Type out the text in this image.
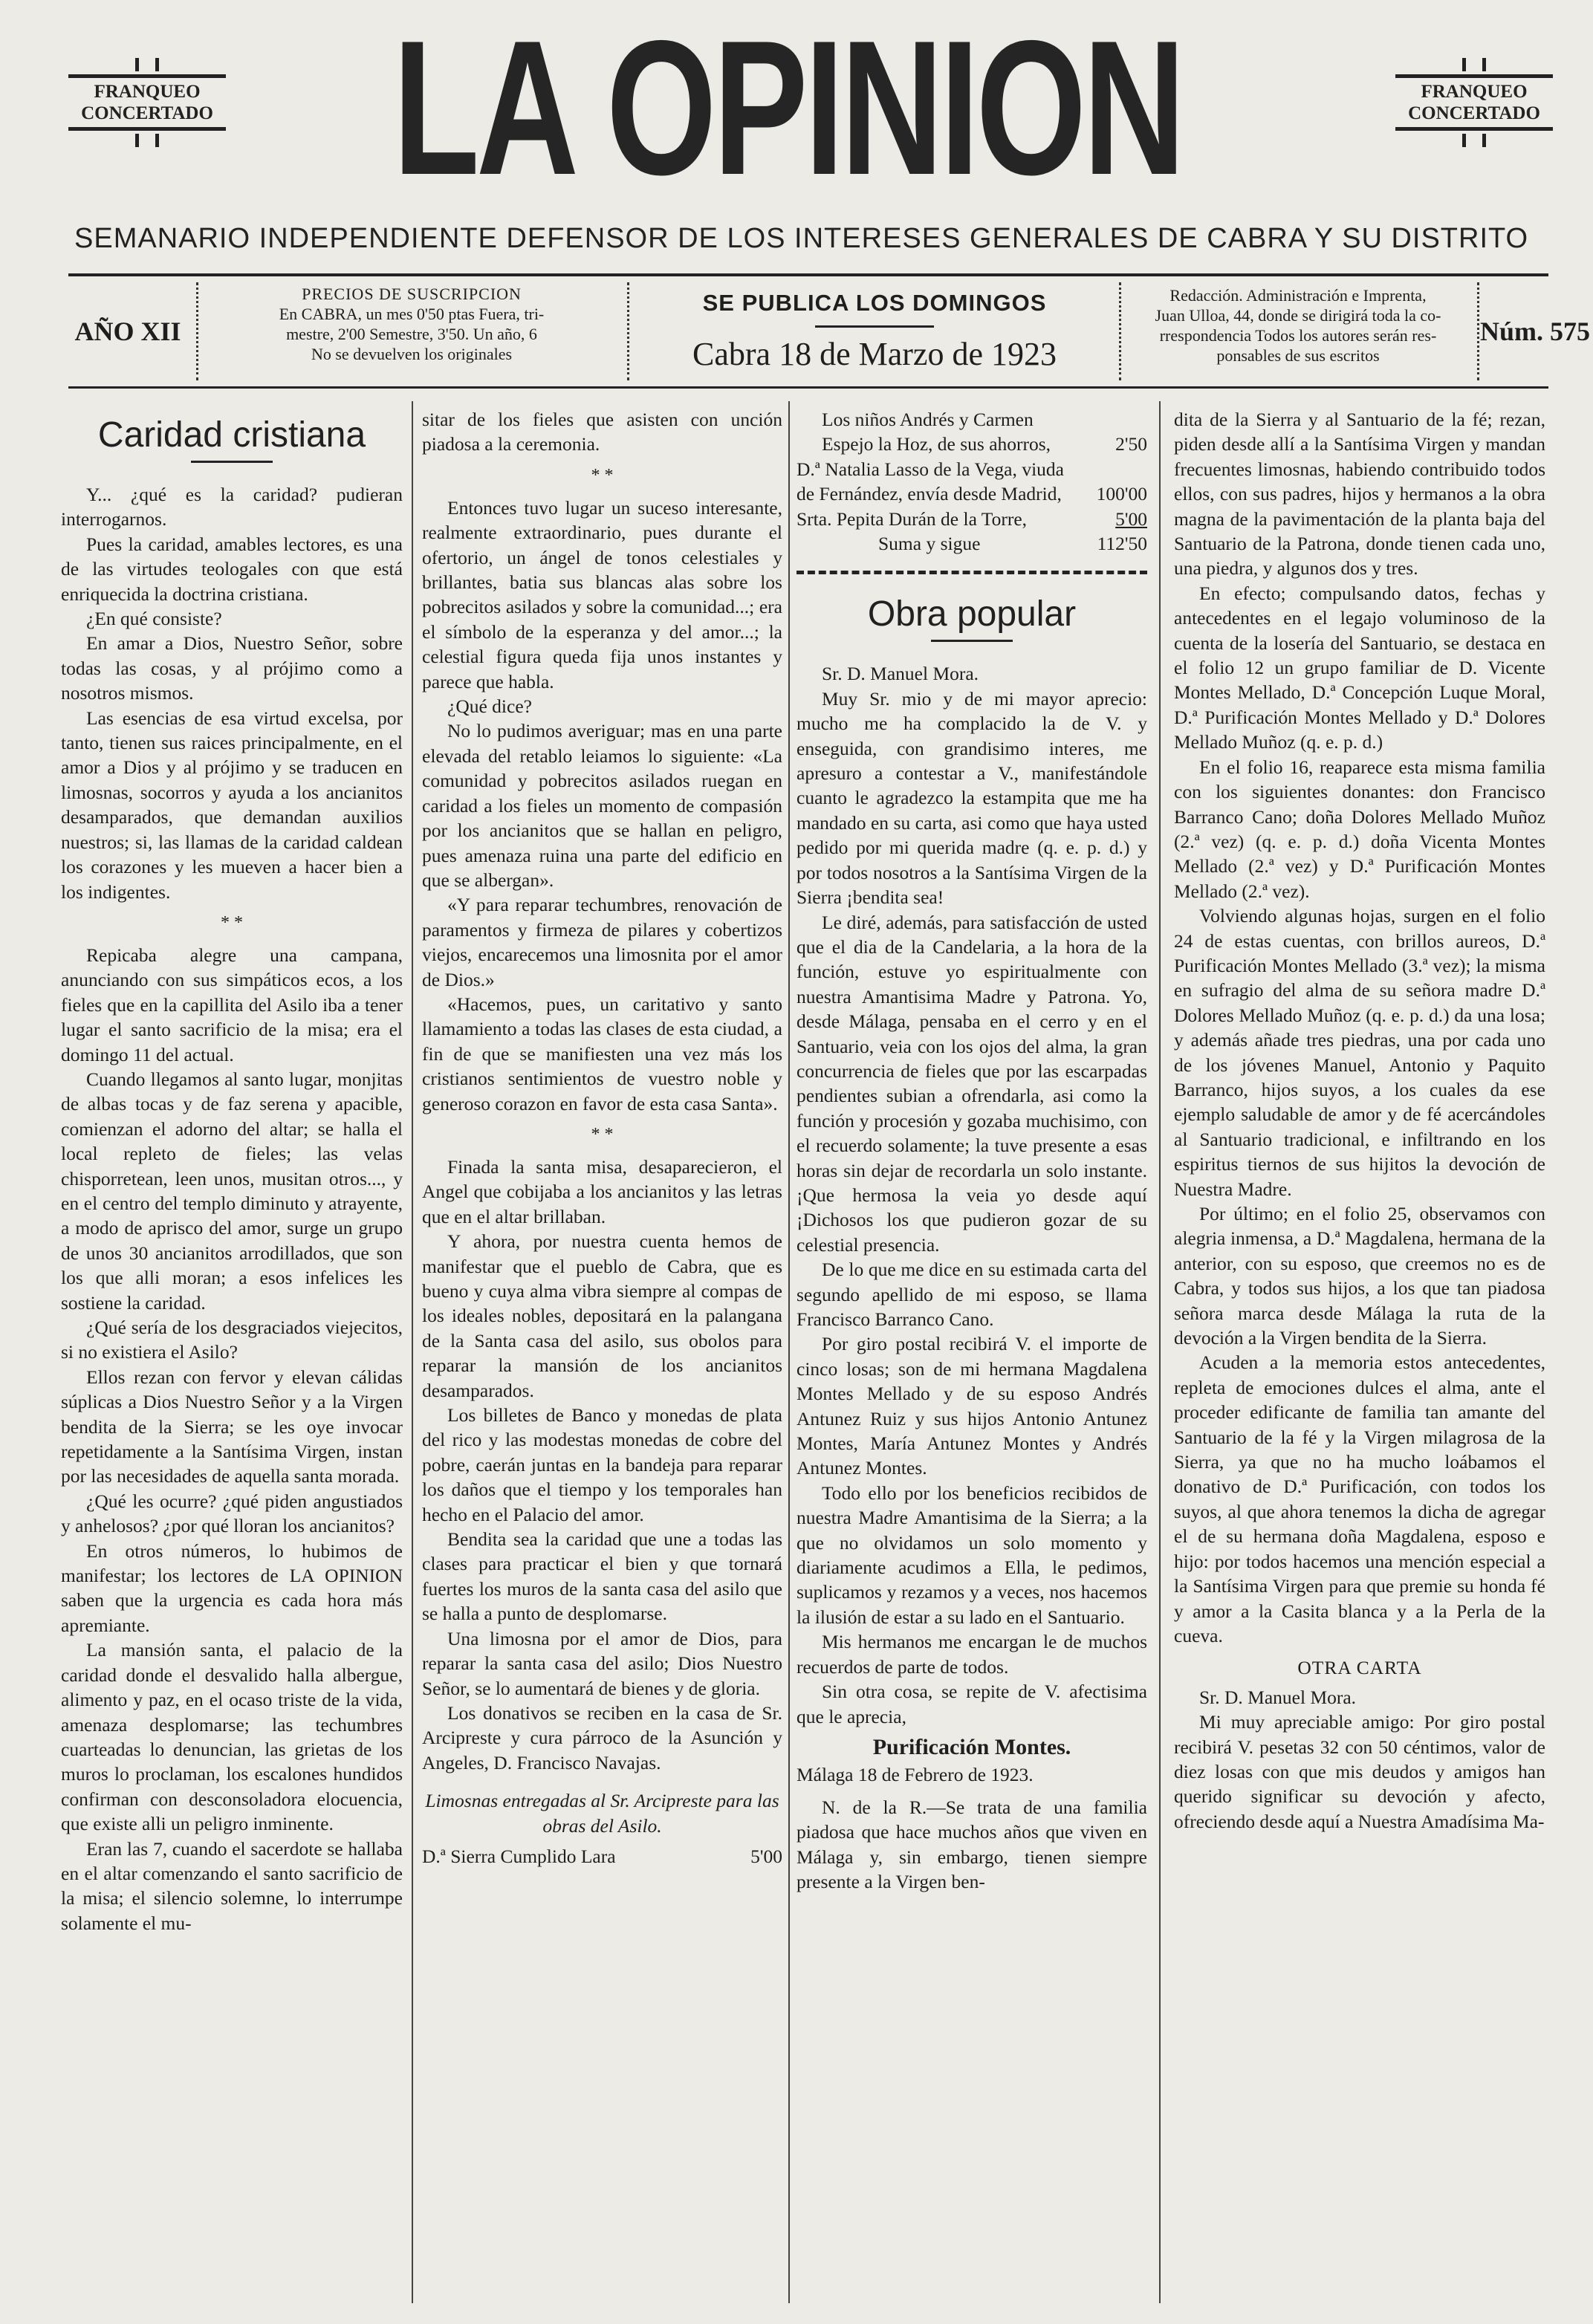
FRANQUEO
CONCERTADO LA OPINION	FRANQUEO
CONCERTADO
SEMANARIO INDEPENDIENTE DEFENSOR DE LOS INTERESES GENERALES DE CABRA Y SU DISTRITO
AÑO XII
PRECIOS DE SUSCRIPCION
En CABRA, un mes 0'50 ptas Fuera, tri-
mestre, 2'00 Semestre, 3'50. Un año, 6
No se devuelven los originales
SE PUBLICA LOS DOMINGOS
Cabra 18 de Marzo de 1923
Redacción. Administración e Imprenta,
Juan Ulloa, 44, donde se dirigirá toda la co-
rrespondencia Todos los autores serán res-
ponsables de sus escritos
Núm. 575
Caridad cristiana

Y... ¿qué es la caridad? pudieran interrogarnos.

Pues la caridad, amables lectores, es una de las virtudes teologales con que está enriquecida la doctrina cristiana.

¿En qué consiste?

En amar a Dios, Nuestro Señor, sobre todas las cosas, y al prójimo como a nosotros mismos.

Las esencias de esa virtud excelsa, por tanto, tienen sus raices principalmente, en el amor a Dios y al prójimo y se traducen en limosnas, socorros y ayuda a los ancianitos desamparados, que demandan auxilios nuestros; si, las llamas de la caridad caldean los corazones y les mueven a hacer bien a los indigentes.

* *

Repicaba alegre una campana, anunciando con sus simpáticos ecos, a los fieles que en la capillita del Asilo iba a tener lugar el santo sacrificio de la misa; era el domingo 11 del actual.

Cuando llegamos al santo lugar, monjitas de albas tocas y de faz serena y apacible, comienzan el adorno del altar; se halla el local repleto de fieles; las velas chisporretean, leen unos, musitan otros..., y en el centro del templo diminuto y atrayente, a modo de aprisco del amor, surge un grupo de unos 30 ancianitos arrodillados, que son los que alli moran; a esos infelices les sostiene la caridad.

¿Qué sería de los desgraciados viejecitos, si no existiera el Asilo?

Ellos rezan con fervor y elevan cálidas súplicas a Dios Nuestro Señor y a la Virgen bendita de la Sierra; se les oye invocar repetidamente a la Santísima Virgen, instan por las necesidades de aquella santa morada.

¿Qué les ocurre? ¿qué piden angustiados y anhelosos? ¿por qué lloran los ancianitos?

En otros números, lo hubimos de manifestar; los lectores de LA OPINION saben que la urgencia es cada hora más apremiante.

La mansión santa, el palacio de la caridad donde el desvalido halla albergue, alimento y paz, en el ocaso triste de la vida, amenaza desplomarse; las techumbres cuarteadas lo denuncian, las grietas de los muros lo proclaman, los escalones hundidos confirman con desconsoladora elocuencia, que existe alli un peligro inminente.

Eran las 7, cuando el sacerdote se hallaba en el altar comenzando el santo sacrificio de la misa; el silencio solemne, lo interrumpe solamente el mu-

sitar de los fieles que asisten con unción piadosa a la ceremonia.

* *

Entonces tuvo lugar un suceso interesante, realmente extraordinario, pues durante el ofertorio, un ángel de tonos celestiales y brillantes, batia sus blancas alas sobre los pobrecitos asilados y sobre la comunidad...; era el símbolo de la esperanza y del amor...; la celestial figura queda fija unos instantes y parece que habla.

¿Qué dice?

No lo pudimos averiguar; mas en una parte elevada del retablo leiamos lo siguiente: «La comunidad y pobrecitos asilados ruegan en caridad a los fieles un momento de compasión por los ancianitos que se hallan en peligro, pues amenaza ruina una parte del edificio en que se albergan».

«Y para reparar techumbres, renovación de paramentos y firmeza de pilares y cobertizos viejos, encarecemos una limosnita por el amor de Dios.»

«Hacemos, pues, un caritativo y santo llamamiento a todas las clases de esta ciudad, a fin de que se manifiesten una vez más los cristianos sentimientos de vuestro noble y generoso corazon en favor de esta casa Santa».

* *

Finada la santa misa, desaparecieron, el Angel que cobijaba a los ancianitos y las letras que en el altar brillaban.

Y ahora, por nuestra cuenta hemos de manifestar que el pueblo de Cabra, que es bueno y cuya alma vibra siempre al compas de los ideales nobles, depositará en la palangana de la Santa casa del asilo, sus obolos para reparar la mansión de los ancianitos desamparados.

Los billetes de Banco y monedas de plata del rico y las modestas monedas de cobre del pobre, caerán juntas en la bandeja para reparar los daños que el tiempo y los temporales han hecho en el Palacio del amor.

Bendita sea la caridad que une a todas las clases para practicar el bien y que tornará fuertes los muros de la santa casa del asilo que se halla a punto de desplomarse.

Una limosna por el amor de Dios, para reparar la santa casa del asilo; Dios Nuestro Señor, se lo aumentará de bienes y de gloria.

Los donativos se reciben en la casa de Sr. Arcipreste y cura párroco de la Asunción y Angeles, D. Francisco Navajas.

Limosnas entregadas al Sr. Arcipreste para las obras del Asilo.
D.ª Sierra Cumplido Lara	5'00
Los niños Andrés y Carmen
Espejo la Hoz, de sus ahorros,	2'50
D.ª Natalia Lasso de la Vega, viuda de Fernández, envía desde Madrid, 100'00
Srta. Pepita Durán de la Torre,	5'00
Suma y sigue	112'50
Obra popular

Sr. D. Manuel Mora.

Muy Sr. mio y de mi mayor aprecio: mucho me ha complacido la de V. y enseguida, con grandisimo interes, me apresuro a contestar a V., manifestándole cuanto le agradezco la estampita que me ha mandado en su carta, asi como que haya usted pedido por mi querida madre (q. e. p. d.) y por todos nosotros a la Santísima Virgen de la Sierra ¡bendita sea!

Le diré, además, para satisfacción de usted que el dia de la Candelaria, a la hora de la función, estuve yo espiritualmente con nuestra Amantisima Madre y Patrona. Yo, desde Málaga, pensaba en el cerro y en el Santuario, veia con los ojos del alma, la gran concurrencia de fieles que por las escarpadas pendientes subian a ofrendarla, asi como la función y procesión y gozaba muchisimo, con el recuerdo solamente; la tuve presente a esas horas sin dejar de recordarla un solo instante. ¡Que hermosa la veia yo desde aquí ¡Dichosos los que pudieron gozar de su celestial presencia.

De lo que me dice en su estimada carta del segundo apellido de mi esposo, se llama Francisco Barranco Cano.

Por giro postal recibirá V. el importe de cinco losas; son de mi hermana Magdalena Montes Mellado y de su esposo Andrés Antunez Ruiz y sus hijos Antonio Antunez Montes, María Antunez Montes y Andrés Antunez Montes.

Todo ello por los beneficios recibidos de nuestra Madre Amantisima de la Sierra; a la que no olvidamos un solo momento y diariamente acudimos a Ella, le pedimos, suplicamos y rezamos y a veces, nos hacemos la ilusión de estar a su lado en el Santuario.

Mis hermanos me encargan le de muchos recuerdos de parte de todos.

Sin otra cosa, se repite de V. afectisima que le aprecia,

Purificación Montes.

Málaga 18 de Febrero de 1923.

N. de la R.—Se trata de una familia piadosa que hace muchos años que viven en Málaga y, sin embargo, tienen siempre presente a la Virgen ben-

dita de la Sierra y al Santuario de la fé; rezan, piden desde allí a la Santísima Virgen y mandan frecuentes limosnas, habiendo contribuido todos ellos, con sus padres, hijos y hermanos a la obra magna de la pavimentación de la planta baja del Santuario de la Patrona, donde tienen cada uno, una piedra, y algunos dos y tres.

En efecto; compulsando datos, fechas y antecedentes en el legajo voluminoso de la cuenta de la losería del Santuario, se destaca en el folio 12 un grupo familiar de D. Vicente Montes Mellado, D.ª Concepción Luque Moral, D.ª Purificación Montes Mellado y D.ª Dolores Mellado Muñoz (q. e. p. d.)

En el folio 16, reaparece esta misma familia con los siguientes donantes: don Francisco Barranco Cano; doña Dolores Mellado Muñoz (2.ª vez) (q. e. p. d.) doña Vicenta Montes Mellado (2.ª vez) y D.ª Purificación Montes Mellado (2.ª vez).

Volviendo algunas hojas, surgen en el folio 24 de estas cuentas, con brillos aureos, D.ª Purificación Montes Mellado (3.ª vez); la misma en sufragio del alma de su señora madre D.ª Dolores Mellado Muñoz (q. e. p. d.) da una losa; y además añade tres piedras, una por cada uno de los jóvenes Manuel, Antonio y Paquito Barranco, hijos suyos, a los cuales da ese ejemplo saludable de amor y de fé acercándoles al Santuario tradicional, e infiltrando en los espiritus tiernos de sus hijitos la devoción de Nuestra Madre.

Por último; en el folio 25, observamos con alegria inmensa, a D.ª Magdalena, hermana de la anterior, con su esposo, que creemos no es de Cabra, y todos sus hijos, a los que tan piadosa señora marca desde Málaga la ruta de la devoción a la Virgen bendita de la Sierra.

Acuden a la memoria estos antecedentes, repleta de emociones dulces el alma, ante el proceder edificante de familia tan amante del Santuario de la fé y la Virgen milagrosa de la Sierra, ya que no ha mucho loábamos el donativo de D.ª Purificación, con todos los suyos, al que ahora tenemos la dicha de agregar el de su hermana doña Magdalena, esposo e hijo: por todos hacemos una mención especial a la Santísima Virgen para que premie su honda fé y amor a la Casita blanca y a la Perla de la cueva.

OTRA CARTA

Sr. D. Manuel Mora.

Mi muy apreciable amigo: Por giro postal recibirá V. pesetas 32 con 50 céntimos, valor de diez losas con que mis deudos y amigos han querido significar su devoción y afecto, ofreciendo desde aquí a Nuestra Amadísima Ma-
